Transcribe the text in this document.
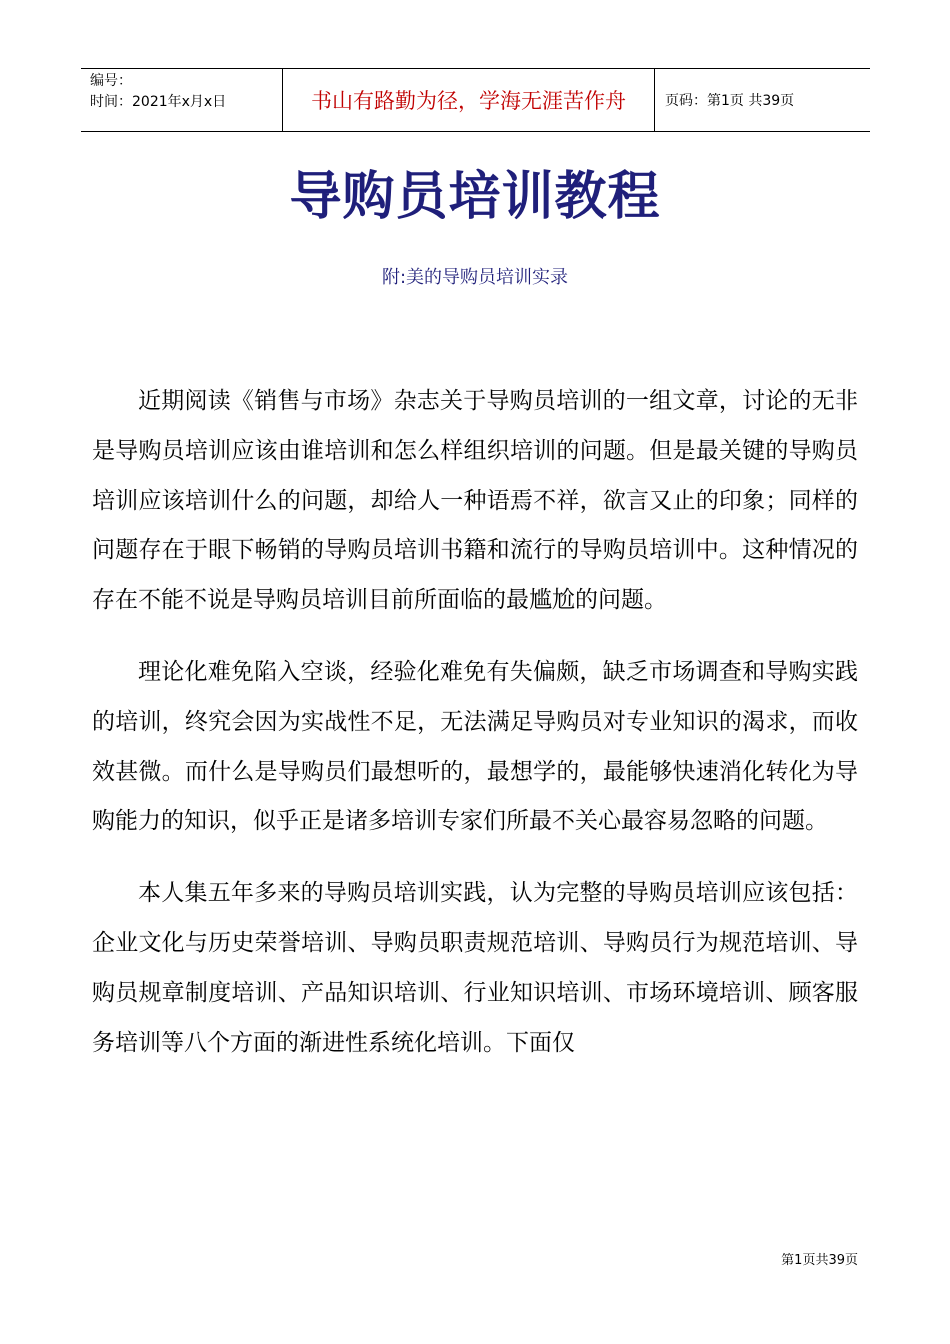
编号：
时间：2021年x月x日	书山有路勤为径，学海无涯苦作舟	页码：第1页 共39页
导购员培训教程
附:美的导购员培训实录

近期阅读《销售与市场》杂志关于导购员培训的一组文章，讨论的无非是导购员培训应该由谁培训和怎么样组织培训的问题。但是最关键的导购员培训应该培训什么的问题，却给人一种语焉不祥，欲言又止的印象；同样的问题存在于眼下畅销的导购员培训书籍和流行的导购员培训中。这种情况的存在不能不说是导购员培训目前所面临的最尴尬的问题。

理论化难免陷入空谈，经验化难免有失偏颇，缺乏市场调查和导购实践的培训，终究会因为实战性不足，无法满足导购员对专业知识的渴求，而收效甚微。而什么是导购员们最想听的，最想学的，最能够快速消化转化为导购能力的知识，似乎正是诸多培训专家们所最不关心最容易忽略的问题。

本人集五年多来的导购员培训实践，认为完整的导购员培训应该包括：企业文化与历史荣誉培训、导购员职责规范培训、导购员行为规范培训、导购员规章制度培训、产品知识培训、行业知识培训、市场环境培训、顾客服务培训等八个方面的渐进性系统化培训。下面仅

第1页共39页
